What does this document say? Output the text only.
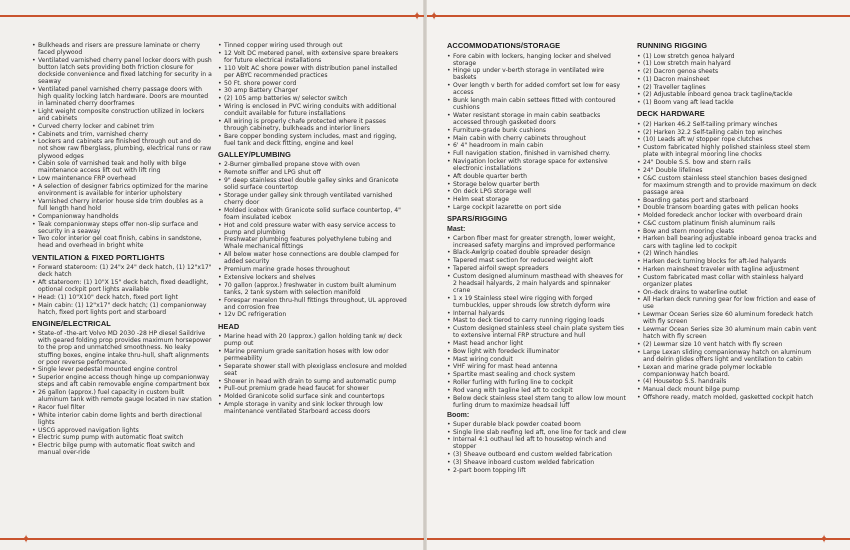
✦ ✦
✦	✦
• Bulkheads and risers are pressure laminate or cherry faced plywood
• Ventilated varnished cherry panel locker doors with push button latch sets providing both friction closure for dockside convenience and fixed latching for security in a seaway
• Ventilated panel varnished cherry passage doors with high quality locking latch hardware. Doors are mounted in laminated cherry doorframes
• Light weight composite construction utilized in lockers and cabinets
• Curved cherry locker and cabinet trim
• Cabinets and trim, varnished cherry
• Lockers and cabinets are finished through out and do not show raw fiberglass, plumbing, electrical runs or raw plywood edges
• Cabin sole of varnished teak and holly with bilge maintenance access lift out with lift ring
• Low maintenance FRP overhead
• A selection of designer fabrics optimized for the marine environment is available for interior upholstery
• Varnished cherry interior house side trim doubles as a full length hand hold
• Companionway handholds
• Teak companionway steps offer non-slip surface and security in a seaway
• Two color interior gel coat finish, cabins in sandstone, head and overhead in bright white
VENTILATION & FIXED PORTLIGHTS
• Forward stateroom: (1) 24"x 24" deck hatch, (1) 12"x17" deck hatch
• Aft stateroom: (1) 10"X 15" deck hatch, fixed deadlight, optional cockpit port lights available
• Head: (1) 10"X10" deck hatch, fixed port light
• Main cabin: (1) 12"x17" deck hatch; (1) companionway hatch, fixed port lights port and starboard
ENGINE/ELECTRICAL
• State-of -the-art Volvo MD 2030 -28 HP diesel Saildrive with geared folding prop provides maximum horsepower to the prop and unmatched smoothness. No leaky stuffing boxes, engine intake thru-hull, shaft alignments or poor reverse performance.
• Single lever pedestal mounted engine control
• Superior engine access though hinge up companionway steps and aft cabin removable engine compartment box
• 26 gallon (approx.) fuel capacity in custom built aluminum tank with remote gauge located in nav station
• Racor fuel filter
• White interior cabin dome lights and berth directional lights
• USCG approved navigation lights
• Electric sump pump with automatic float switch
• Electric bilge pump with automatic float switch and manual over-ride
• Tinned copper wiring used through out
• 12 Volt DC metered panel, with extensive spare breakers for future electrical installations
• 110 Volt AC shore power with distribution panel installed per ABYC recommended practices
• 50 Ft. shore power cord
• 30 amp Battery Charger
• (2) 105 amp batteries w/ selector switch
• Wiring is enclosed in PVC wiring conduits with additional conduit available for future installations
• All wiring is properly chafe protected where it passes through cabinetry, bulkheads and interior liners
• Bare copper bonding system includes, mast and rigging, fuel tank and deck fitting, engine and keel
GALLEY/PLUMBING
• 2-Burner gimballed propane stove with oven
• Remote sniffer and LPG shut off
• 9" deep stainless steel double galley sinks and Granicote solid surface countertop
• Storage under galley sink through ventilated varnished cherry door
• Molded icebox with Granicote solid surface countertop, 4" foam insulated icebox
• Hot and cold pressure water with easy service access to pump and plumbing
• Freshwater plumbing features polyethylene tubing and Whale mechanical fittings
• All below water hose connections are double clamped for added security
• Premium marine grade hoses throughout
• Extensive lockers and shelves
• 70 gallon (approx.) freshwater in custom built aluminum tanks, 2 tank system with selection manifold
• Forespar marelon thru-hull fittings throughout, UL approved and corrosion free
• 12v DC refrigeration
HEAD
• Marine head with 20 (approx.) gallon holding tank w/ deck pump out
• Marine premium grade sanitation hoses with low odor permeability
• Separate shower stall with plexiglass enclosure and molded seat
• Shower in head with drain to sump and automatic pump
• Pull-out premium grade head faucet for shower
• Molded Granicote solid surface sink and countertops
• Ample storage in vanity and sink locker through low maintenance ventilated Starboard access doors
ACCOMMODATIONS/STORAGE
• Fore cabin with lockers, hanging locker and shelved storage
• Hinge up under v-berth storage in ventilated wire baskets
• Over length v berth for added comfort set low for easy access
• Bunk length main cabin settees fitted with contoured cushions
• Water resistant storage in main cabin seatbacks accessed through gasketed doors
• Furniture-grade bunk cushions
• Main cabin with cherry cabinets throughout
• 6' 4" headroom in main cabin
• Full navigation station, finished in varnished cherry.
• Navigation locker with storage space for extensive electronic installations
• Aft double quarter berth
• Storage below quarter berth
• On deck LPG storage well
• Helm seat storage
• Large cockpit lazarette on port side
SPARS/RIGGING
Mast:
• Carbon fiber mast for greater strength, lower weight, increased safety margins and improved performance
• Black-Awlgrip coated double spreader design
• Tapered mast section for reduced weight aloft
• Tapered airfoil swept spreaders
• Custom designed aluminum masthead with sheaves for 2 headsail halyards, 2 main halyards and spinnaker crane
• 1 x 19 Stainless steel wire rigging with forged turnbuckles, upper shrouds low stretch dyform wire
• Internal halyards
• Mast to deck tierod to carry running rigging loads
• Custom designed stainless steel chain plate system ties to extensive internal FRP structure and hull
• Mast head anchor light
• Bow light with foredeck illuminator
• Mast wiring conduit
• VHF wiring for mast head antenna
• Spartite mast sealing and chock system
• Roller furling with furling line to cockpit
• Rod vang with tagline led aft to cockpit
• Below deck stainless steel stem tang to allow low mount furling drum to maximize headsail luff
Boom:
• Super durable black powder coated boom
• Single line slab reefing led aft, one line for tack and clew
• Internal 4:1 outhaul led aft to housetop winch and stopper
• (3) Sheave outboard end custom welded fabrication
• (3) Sheave inboard custom welded fabrication
• 2-part boom topping lift
RUNNING RIGGING
• (1) Low stretch genoa halyard
• (1) Low stretch main halyard
• (2) Dacron genoa sheets
• (1) Dacron mainsheet
• (2) Traveller taglines
• (2) Adjustable inboard genoa track tagline/tackle
• (1) Boom vang aft lead tackle
DECK HARDWARE
• (2) Harken 46.2 Self-tailing primary winches
• (2) Harken 32.2 Self-tailing cabin top winches
• (10) Leads aft w/ stopper rope clutches
• Custom fabricated highly polished stainless steel stem plate with integral mooring line chocks
• 24" Double S.S. bow and stern rails
• 24" Double lifelines
• C&C custom stainless steel stanchion bases designed for maximum strength and to provide maximum on deck passage area
• Boarding gates port and starboard
• Double transom boarding gates with pelican hooks
• Molded foredeck anchor locker with overboard drain
• C&C custom platinum finish aluminum rails
• Bow and stern mooring cleats
• Harken ball bearing adjustable inboard genoa tracks and cars with tagline led to cockpit
• (2) Winch handles
• Harken deck turning blocks for aft-led halyards
• Harken mainsheet traveler with tagline adjustment
• Custom fabricated mast collar with stainless halyard organizer plates
• On-deck drains to waterline outlet
• All Harken deck running gear for low friction and ease of use
• Lewmar Ocean Series size 60 aluminum foredeck hatch with fly screen
• Lewmar Ocean Series size 30 aluminum main cabin vent hatch with fly screen
• (2) Lewmar size 10 vent hatch with fly screen
• Large Lexan sliding companionway hatch on aluminum and delrin glides offers light and ventilation to cabin
• Lexan and marine grade polymer lockable companionway hatch board.
• (4) Housetop S.S. handrails
• Manual deck mount bilge pump
• Offshore ready, match molded, gasketted cockpit hatch
